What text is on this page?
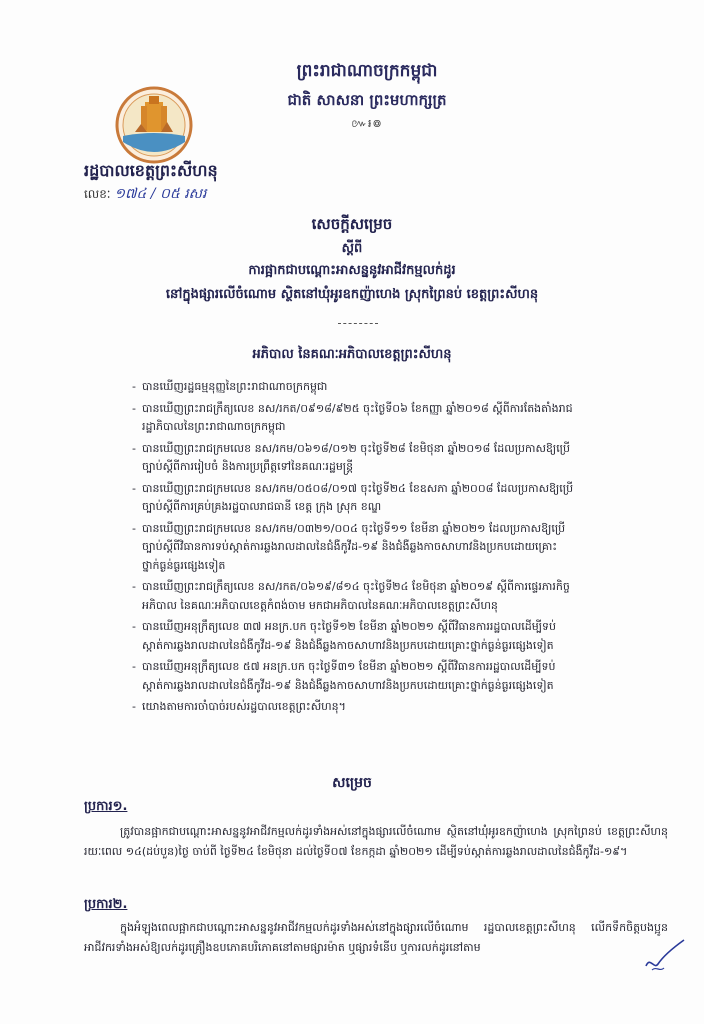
ព្រះរាជាណាចក្រកម្ពុជា
ជាតិ សាសនា ព្រះមហាក្សត្រ
៚៛៙
រដ្ឋបាលខេត្តព្រះសីហនុ
លេខៈ ១៧៤ / ០៥ រសរ
សេចក្តីសម្រេច
ស្តីពី
ការផ្អាកជាបណ្តោះអាសន្ននូវអាជីវកម្មលក់ដូរ
នៅក្នុងផ្សារលើចំណោម ស្ថិតនៅឃុំអូរឧកញ៉ាហេង ស្រុកព្រៃនប់ ខេត្តព្រះសីហនុ
អភិបាល នៃគណៈអភិបាលខេត្តព្រះសីហនុ
- បានឃើញរដ្ឋធម្មនុញ្ញនៃព្រះរាជាណាចក្រកម្ពុជា
- បានឃើញព្រះរាជក្រឹត្យលេខ នស/រកត/០៩១៨/៩២៥ ចុះថ្ងៃទី០៦ ខែកញ្ញា ឆ្នាំ២០១៨ ស្តីពីការតែងតាំងរាជ
រដ្ឋាភិបាលនៃព្រះរាជាណាចក្រកម្ពុជា
- បានឃើញព្រះរាជក្រមលេខ នស/រកម/០៦១៨/០១២ ចុះថ្ងៃទី២៨ ខែមិថុនា ឆ្នាំ២០១៨ ដែលប្រកាសឱ្យប្រើ
ច្បាប់ស្តីពីការរៀបចំ និងការប្រព្រឹត្តទៅនៃគណៈរដ្ឋមន្ត្រី
- បានឃើញព្រះរាជក្រមលេខ នស/រកម/០៥០៨/០១៧ ចុះថ្ងៃទី២៤ ខែឧសភា ឆ្នាំ២០០៨ ដែលប្រកាសឱ្យប្រើ
ច្បាប់ស្តីពីការគ្រប់គ្រងរដ្ឋបាលរាជធានី ខេត្ត ក្រុង ស្រុក ខណ្ឌ
- បានឃើញព្រះរាជក្រមលេខ នស/រកម/០៣២១/០០៤ ចុះថ្ងៃទី១១ ខែមីនា ឆ្នាំ២០២១ ដែលប្រកាសឱ្យប្រើ
ច្បាប់ស្តីពីវិធានការទប់ស្កាត់ការឆ្លងរាលដាលនៃជំងឺកូវីដ-១៩ និងជំងឺឆ្លងកាចសាហាវនិងប្រកបដោយគ្រោះ
ថ្នាក់ធ្ងន់ធ្ងរផ្សេងទៀត
- បានឃើញព្រះរាជក្រឹត្យលេខ នស/រកត/០៦១៩/៨១៤ ចុះថ្ងៃទី២៤ ខែមិថុនា ឆ្នាំ២០១៩ ស្តីពីការផ្ទេរភារកិច្ច
អភិបាល នៃគណៈអភិបាលខេត្តកំពង់ចាម មកជាអភិបាលនៃគណៈអភិបាលខេត្តព្រះសីហនុ
- បានឃើញអនុក្រឹត្យលេខ ៣៧ អនក្រ.បក ចុះថ្ងៃទី១២ ខែមីនា ឆ្នាំ២០២១ ស្តីពីវិធានការរដ្ឋបាលដើម្បីទប់
ស្កាត់ការឆ្លងរាលដាលនៃជំងឺកូវីដ-១៩ និងជំងឺឆ្លងកាចសាហាវនិងប្រកបដោយគ្រោះថ្នាក់ធ្ងន់ធ្ងរផ្សេងទៀត
- បានឃើញអនុក្រឹត្យលេខ ៥៧ អនក្រ.បក ចុះថ្ងៃទី៣១ ខែមីនា ឆ្នាំ២០២១ ស្តីពីវិធានការរដ្ឋបាលដើម្បីទប់
ស្កាត់ការឆ្លងរាលដាលនៃជំងឺកូវីដ-១៩ និងជំងឺឆ្លងកាចសាហាវនិងប្រកបដោយគ្រោះថ្នាក់ធ្ងន់ធ្ងរផ្សេងទៀត
- យោងតាមការចាំបាច់របស់រដ្ឋបាលខេត្តព្រះសីហនុ។
សម្រេច
ប្រការ១.
ត្រូវបានផ្អាកជាបណ្តោះអាសន្ននូវអាជីវកម្មលក់ដូរទាំងអស់នៅក្នុងផ្សារលើចំណោម ស្ថិតនៅឃុំអូរឧកញ៉ាហេង ស្រុកព្រៃនប់ ខេត្តព្រះសីហនុ រយៈពេល ១៤(ដប់បួន)ថ្ងៃ ចាប់ពី ថ្ងៃទី២៤ ខែមិថុនា ដល់ថ្ងៃទី០៧ ខែកក្កដា ឆ្នាំ២០២១ ដើម្បីទប់ស្កាត់ការឆ្លងរាលដាលនៃជំងឺកូវីដ-១៩។
ប្រការ២.
ក្នុងអំឡុងពេលផ្អាកជាបណ្តោះអាសន្ននូវអាជីវកម្មលក់ដូរទាំងអស់នៅក្នុងផ្សារលើចំណោម រដ្ឋបាលខេត្តព្រះសីហនុ លើកទឹកចិត្តបងប្អូនអាជីវករទាំងអស់ឱ្យលក់ដូរគ្រឿងឧបភោគបរិភោគនៅតាមផ្សារម៉ាត ឬផ្សារទំនើប ឬការលក់ដូរនៅតាម
